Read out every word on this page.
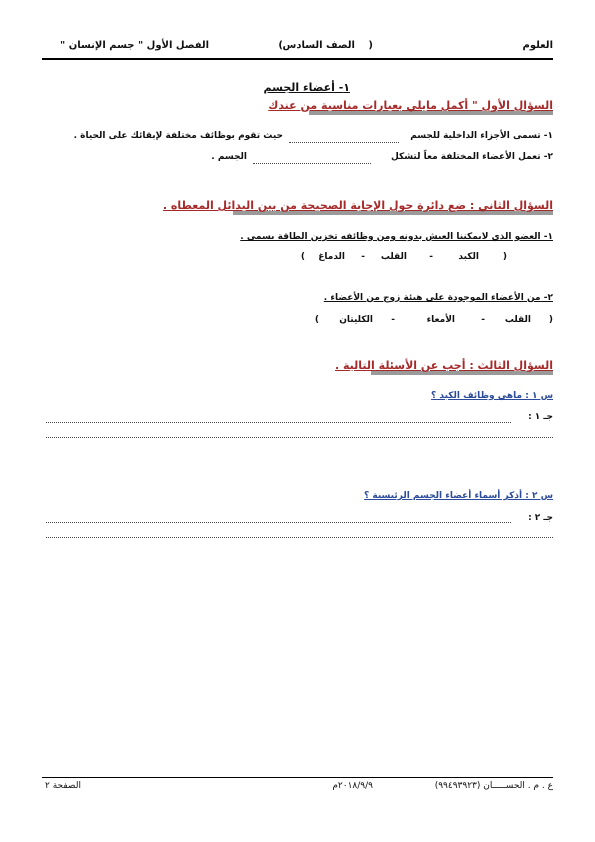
العلوم
(
الصف السادس
)
الفصل الأول " جسم الإنسان "
١- أعضاء الجسم
السؤال الأول " أكمل مايلي بعبارات مناسبة من عندك
١- تسمى الأجزاء الداخلية للجسم
حيث تقوم بوظائف مختلفة لإبقائك على الحياة .
٢- تعمل الأعضاء المختلفة معاً لتشكل
الجسم .
السؤال الثاني : ضع دائرة حول الإجابة الصحيحة من بين البدائل المعطاه .
١- العضو الذي لايمكننا العيش بدونه ومن وظائفه تخزين الطاقة يسمى .
(
الكبد
-
القلب
-
الدماغ
)
٢- من الأعضاء الموجودة على هيئة زوج من الأعضاء .
(
القلب
-
الأمعاء
-
الكليتان
)
السؤال الثالث : أجب عن الأسئلة التالية .
س ١ : ماهي وظائف الكبد ؟
جـ ١ :
س ٢ : أذكر أسماء أعضاء الجسم الرئيسية ؟
جـ ٢ :
ع . م . الحســـــان (٩٩٤٩٣٩٢٣)
٢٠١٨/٩/٩م
الصفحة ٢
